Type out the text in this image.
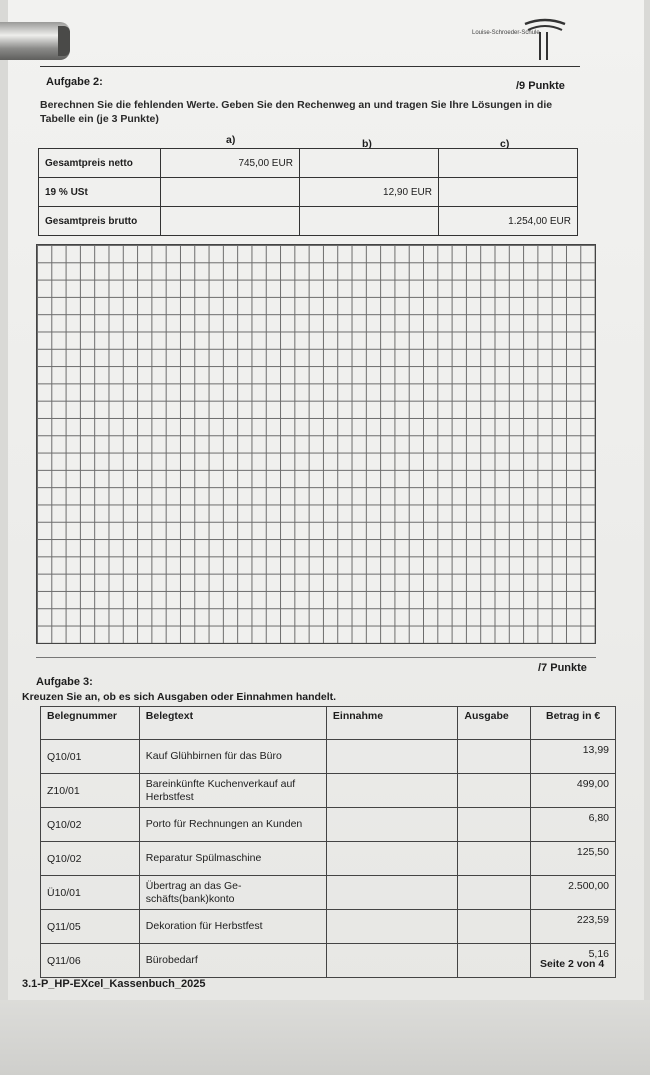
Louise-Schroeder-Schule
Aufgabe 2:	/9 Punkte
Berechnen Sie die fehlenden Werte. Geben Sie den Rechenweg an und tragen Sie Ihre Lösungen in die Tabelle ein (je 3 Punkte)
a)	b)	c)
Gesamtpreis netto	745,00 EUR		
19 % USt		12,90 EUR	
Gesamtpreis brutto			1.254,00 EUR
Aufgabe 3:
/7 Punkte
Kreuzen Sie an, ob es sich Ausgaben oder Einnahmen handelt.
Belegnummer	Belegtext	Einnahme	Ausgabe	Betrag in €
Q10/01	Kauf Glühbirnen für das Büro			13,99
Z10/01	Bareinkünfte Kuchenverkauf auf Herbstfest			499,00
Q10/02	Porto für Rechnungen an Kunden			6,80
Q10/02	Reparatur Spülmaschine			125,50
Ü10/01	Übertrag an das Ge-schäfts(bank)konto			2.500,00
Q11/05	Dekoration für Herbstfest			223,59
Q11/06	Bürobedarf			5,16
Seite 2 von 4
3.1-P_HP-EXcel_Kassenbuch_2025
